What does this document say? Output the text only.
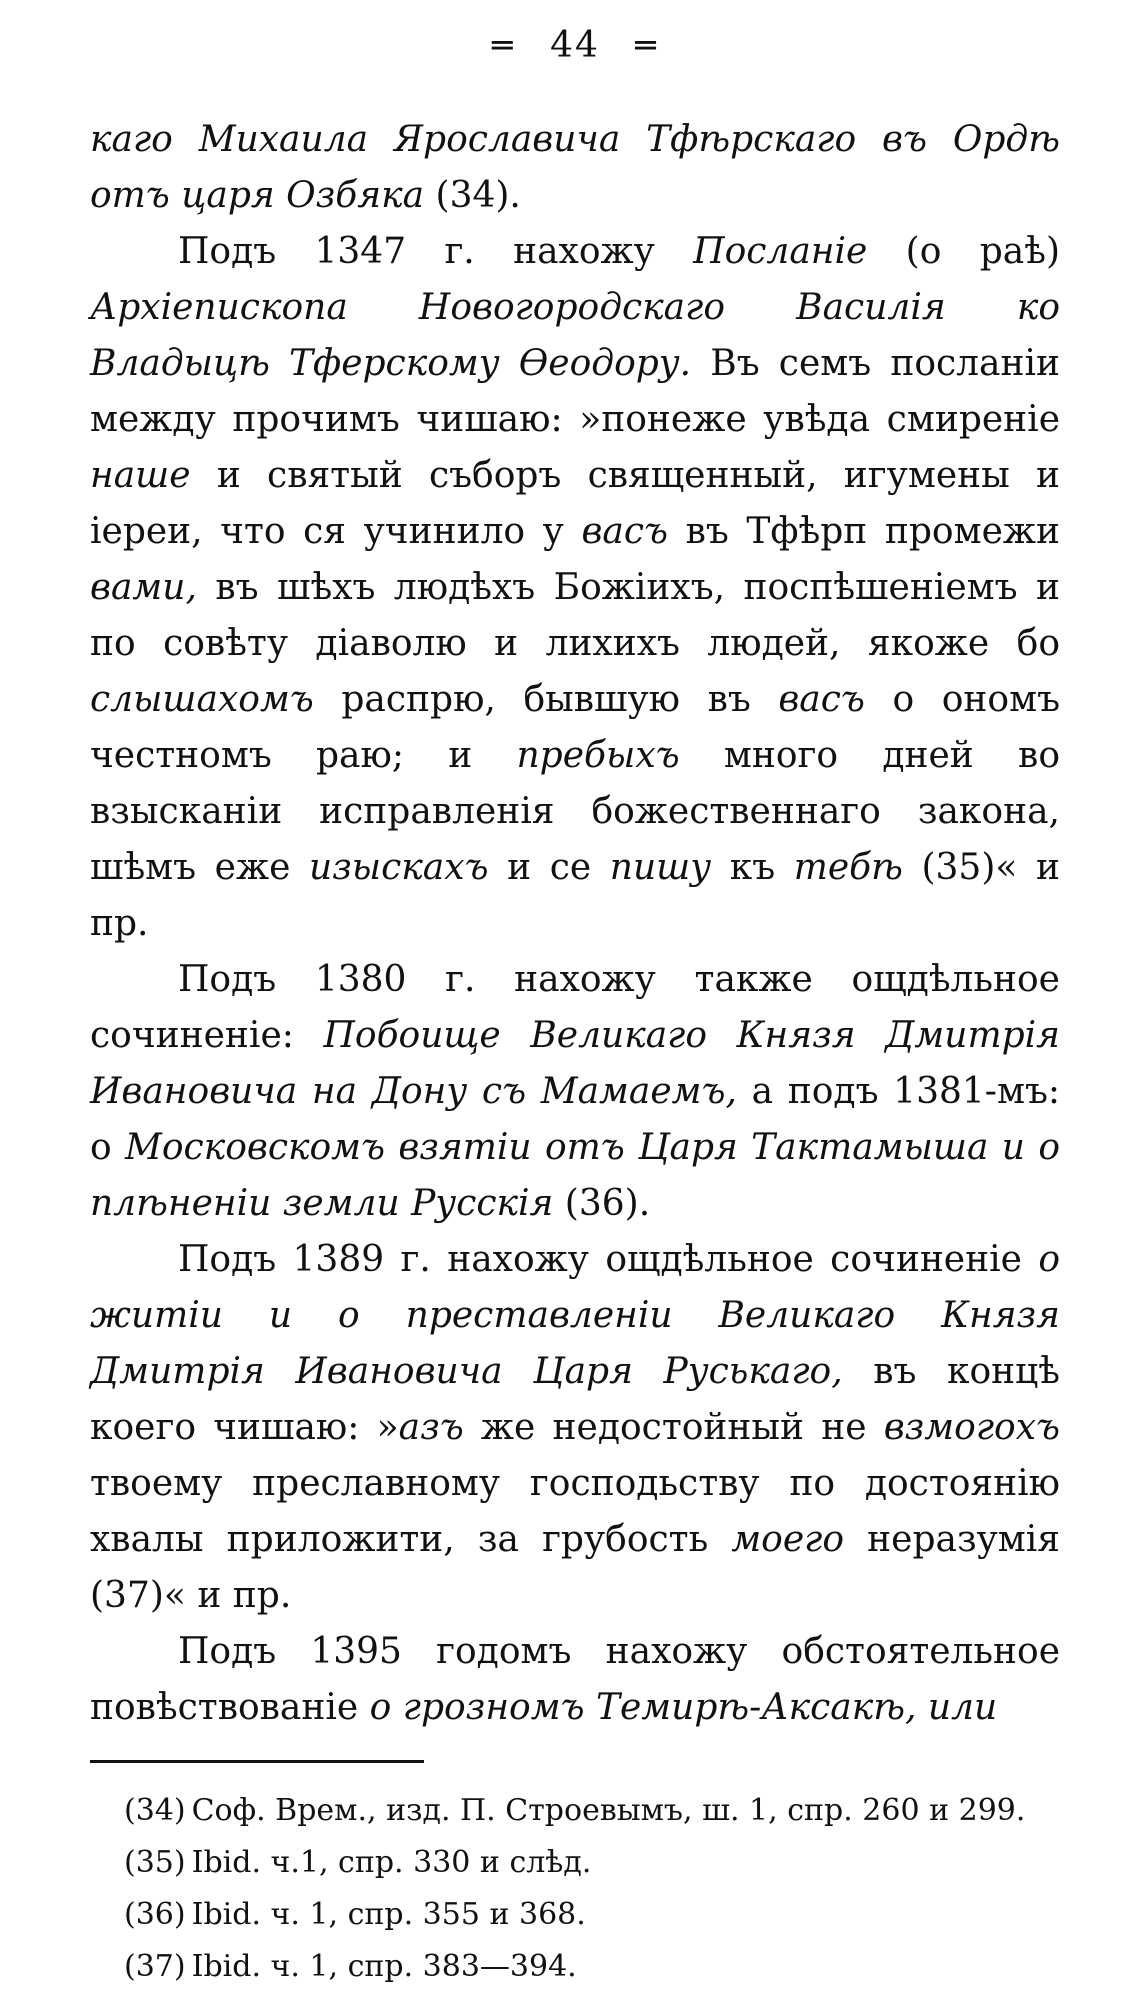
═ 44 ═

каго Михаила Ярославича Тфѣрскаго въ Ордѣ отъ царя Озбяка (34).

Подъ 1347 г. нахожу Посланіе (о раѣ) Архіепископа Новогородскаго Василія ко Владыцѣ Тферскому Ѳеодору. Въ семъ посланіи между прочимъ чишаю: »понеже увѣда смиреніе наше и святый съборъ священный, игумены и іереи, что ся учинило у васъ въ Тфѣрп промежи вами, въ шѣхъ людѣхъ Божіихъ, поспѣшеніемъ и по совѣту діаволю и лихихъ людей, якоже бо слышахомъ распрю, бывшую въ васъ о ономъ честномъ раю; и пребыхъ много дней во взысканіи исправленія божественнаго закона, шѣмъ еже изыскахъ и се пишу къ тебѣ (35)« и пр.

Подъ 1380 г. нахожу также ощдѣльное сочиненіе: Побоище Великаго Князя Дмитрія Ивановича на Дону съ Мамаемъ, а подъ 1381-мъ: о Московскомъ взятіи отъ Царя Тактамыша и о плѣненіи земли Русскія (36).

Подъ 1389 г. нахожу ощдѣльное сочиненіе о житіи и о преставленіи Великаго Князя Дмитрія Ивановича Царя Руськаго, въ концѣ коего чишаю: »азъ же недостойный не взмогохъ твоему преславному господьству по достоянію хвалы приложити, за грубость моего неразумія (37)« и пр.

Подъ 1395 годомъ нахожу обстоятельное повѣствованіе о грозномъ Темирѣ-Аксакѣ, или

(34) Соф. Врем., изд. П. Строевымъ, ш. 1, спр. 260 и 299.
(35) Ibid. ч.1, спр. 330 и слѣд.
(36) Ibid. ч. 1, спр. 355 и 368.
(37) Ibid. ч. 1, спр. 383—394.
